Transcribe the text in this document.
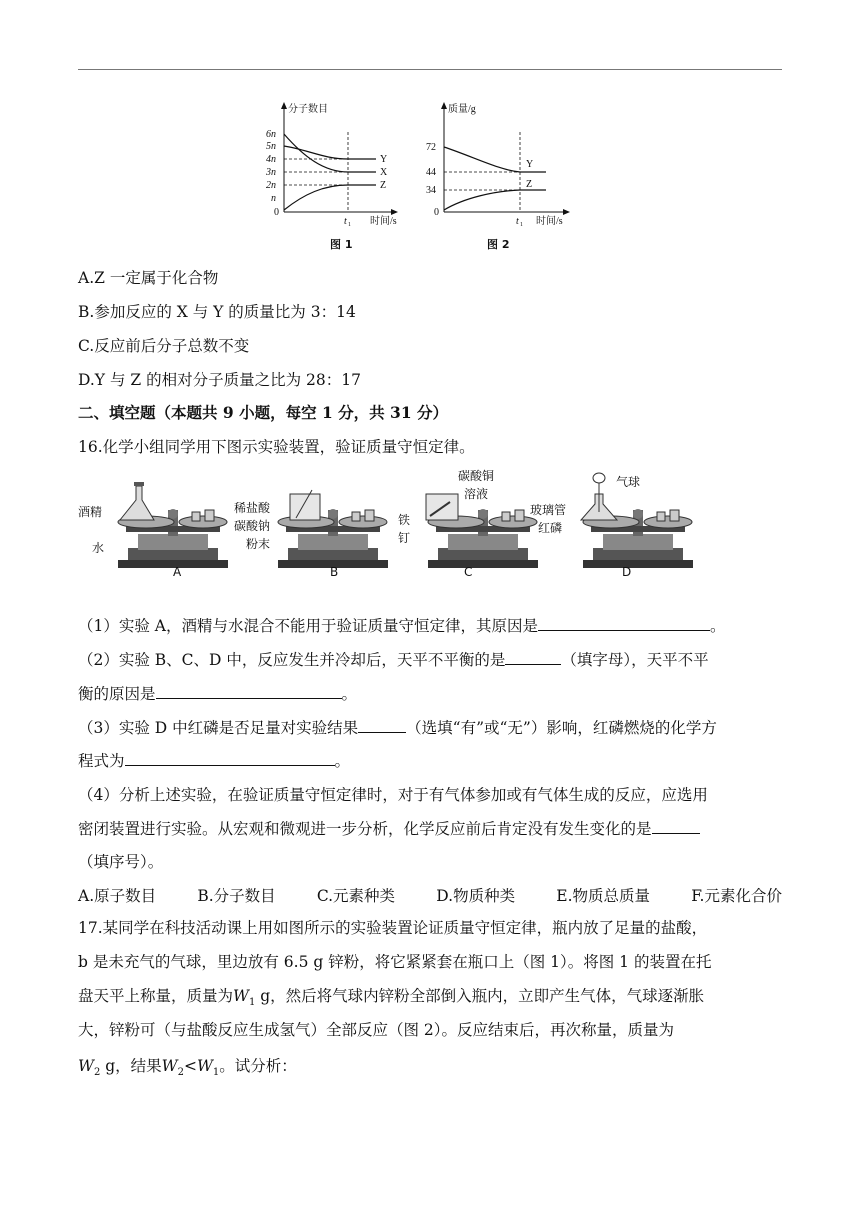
分子数目
6n
5n
4n
3n
2n
n
0
Y
X
Z
t 1 时间/s
质量/g
72
44
34
0
Y
Z
t 1 时间/s
图 1	图 2
A.Z 一定属于化合物
B.参加反应的 X 与 Y 的质量比为 3：14
C.反应前后分子总数不变
D.Y 与 Z 的相对分子质量之比为 28：17
二、填空题（本题共 9 小题，每空 1 分，共 31 分）
16.化学小组同学用下图示实验装置，验证质量守恒定律。
酒精
水
A
稀盐酸
碳酸钠
粉末
B
碳酸铜
溶液
铁
钉
C
气球
玻璃管
红磷
D
（1）实验 A，酒精与水混合不能用于验证质量守恒定律，其原因是	。
（2）实验 B、C、D 中，反应发生并冷却后，天平不平衡的是	（填字母），天平不平
衡的原因是	。
（3）实验 D 中红磷是否足量对实验结果	（选填“有”或“无”）影响，红磷燃烧的化学方
程式为	。
（4）分析上述实验，在验证质量守恒定律时，对于有气体参加或有气体生成的反应，应选用
密闭装置进行实验。从宏观和微观进一步分析，化学反应前后肯定没有发生变化的是
（填序号）。
A.原子数目	B.分子数目	C.元素种类	D.物质种类	E.物质总质量	F.元素化合价
17.某同学在科技活动课上用如图所示的实验装置论证质量守恒定律，瓶内放了足量的盐酸，
b 是未充气的气球，里边放有 6.5 g 锌粉，将它紧紧套在瓶口上（图 1）。将图 1 的装置在托
盘天平上称量，质量为$W_1$ g，然后将气球内锌粉全部倒入瓶内，立即产生气体，气球逐渐胀
大，锌粉可（与盐酸反应生成氢气）全部反应（图 2）。反应结束后，再次称量，质量为
$W_2$ g，结果$W_2<W_1$。试分析：
